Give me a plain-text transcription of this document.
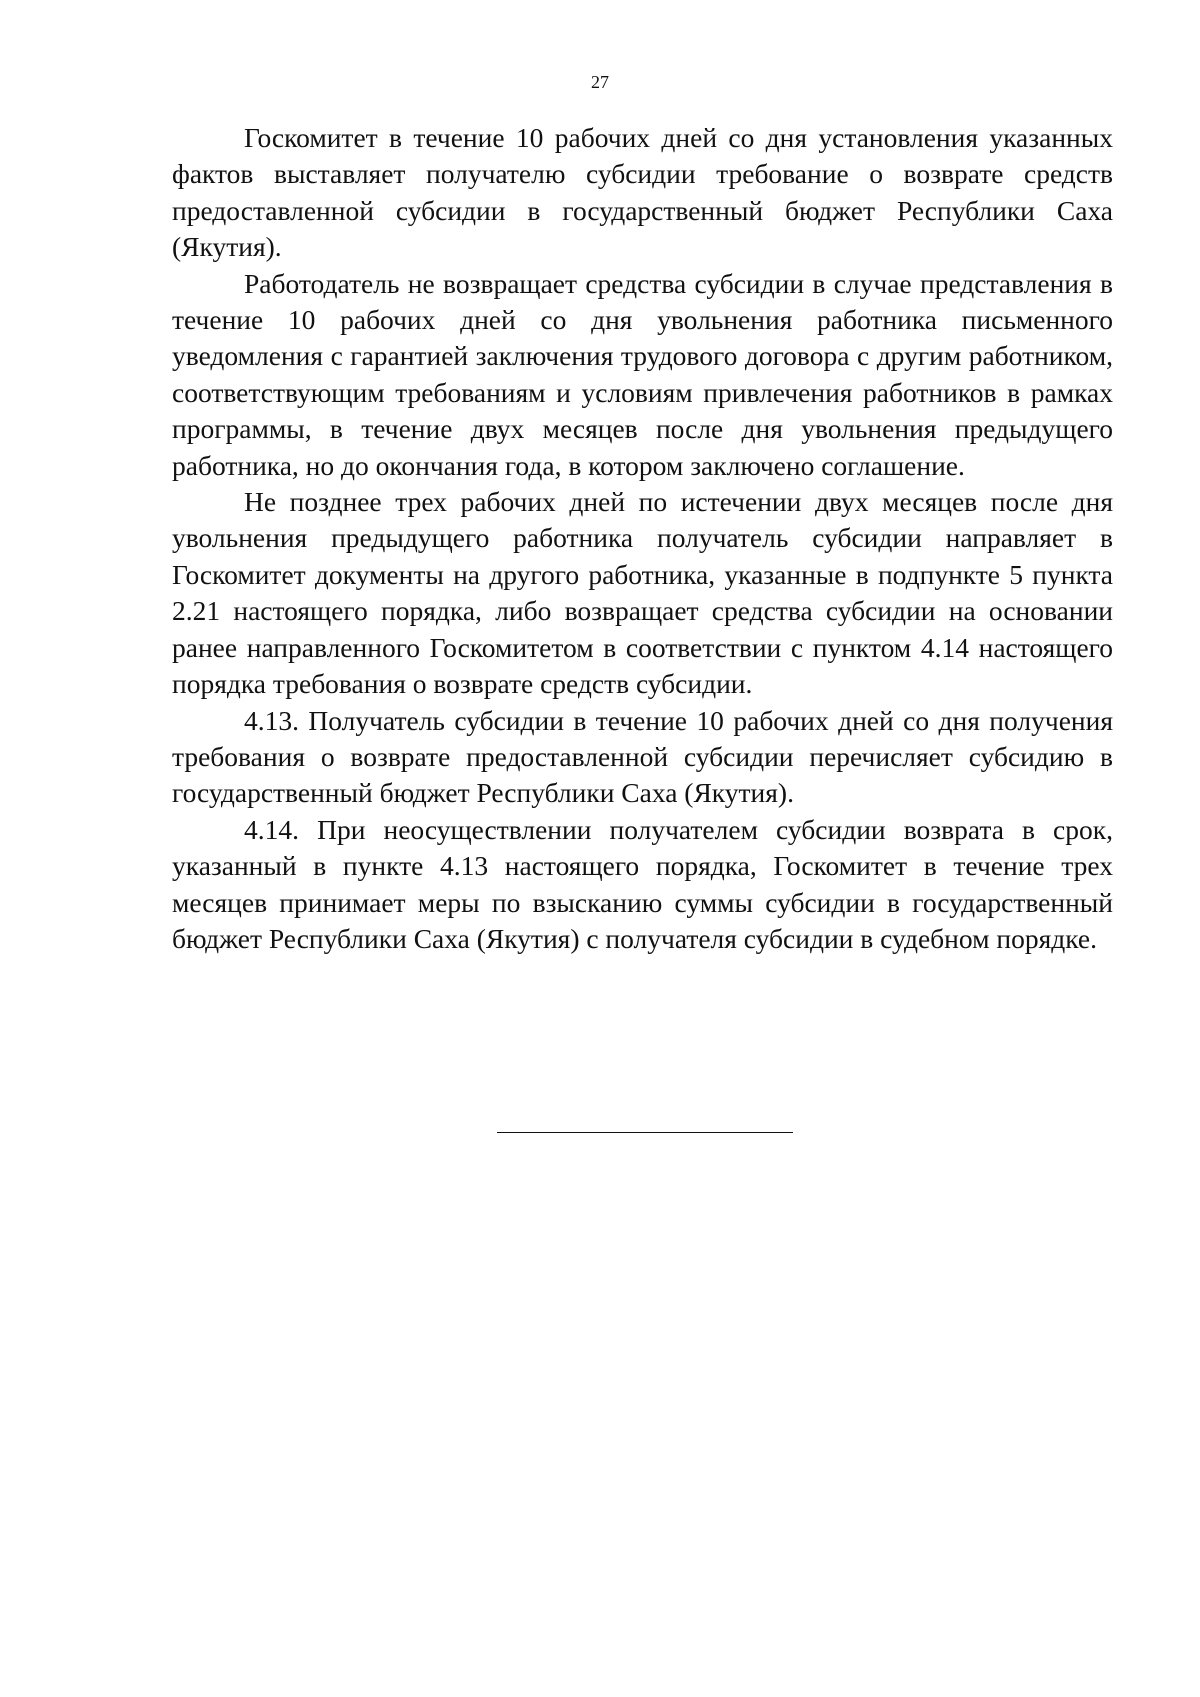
27

Госкомитет в течение 10 рабочих дней со дня установления указанных фактов выставляет получателю субсидии требование о возврате средств предоставленной субсидии в государственный бюджет Республики Саха (Якутия).

Работодатель не возвращает средства субсидии в случае представления в течение 10 рабочих дней со дня увольнения работника письменного уведомления с гарантией заключения трудового договора с другим работником, соответствующим требованиям и условиям привлечения работников в рамках программы, в течение двух месяцев после дня увольнения предыдущего работника, но до окончания года, в котором заключено соглашение.

Не позднее трех рабочих дней по истечении двух месяцев после дня увольнения предыдущего работника получатель субсидии направляет в Госкомитет документы на другого работника, указанные в подпункте 5 пункта 2.21 настоящего порядка, либо возвращает средства субсидии на основании ранее направленного Госкомитетом в соответствии с пунктом 4.14 настоящего порядка требования о возврате средств субсидии.

4.13. Получатель субсидии в течение 10 рабочих дней со дня получения требования о возврате предоставленной субсидии перечисляет субсидию в государственный бюджет Республики Саха (Якутия).

4.14. При неосуществлении получателем субсидии возврата в срок, указанный в пункте 4.13 настоящего порядка, Госкомитет в течение трех месяцев принимает меры по взысканию суммы субсидии в государственный бюджет Республики Саха (Якутия) с получателя субсидии в судебном порядке.
